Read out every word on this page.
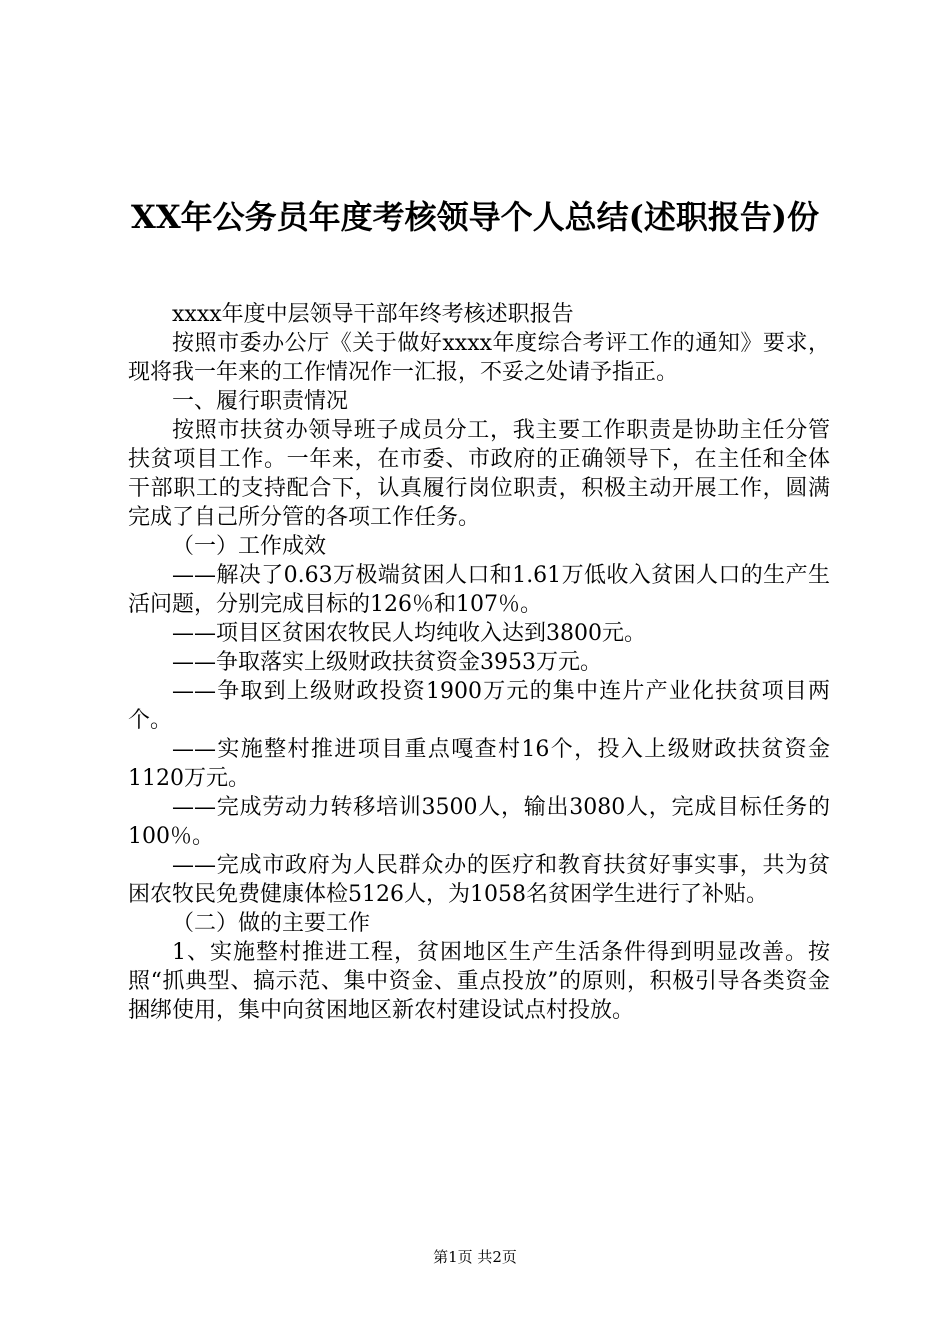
XX年公务员年度考核领导个人总结(述职报告)份

xxxx年度中层领导干部年终考核述职报告

按照市委办公厅《关于做好xxxx年度综合考评工作的通知》要求，现将我一年来的工作情况作一汇报，不妥之处请予指正。

一、履行职责情况

按照市扶贫办领导班子成员分工，我主要工作职责是协助主任分管扶贫项目工作。一年来，在市委、市政府的正确领导下，在主任和全体干部职工的支持配合下，认真履行岗位职责，积极主动开展工作，圆满完成了自己所分管的各项工作任务。

（一）工作成效

——解决了0.63万极端贫困人口和1.61万低收入贫困人口的生产生活问题，分别完成目标的126％和107％。

——项目区贫困农牧民人均纯收入达到3800元。

——争取落实上级财政扶贫资金3953万元。

——争取到上级财政投资1900万元的集中连片产业化扶贫项目两个。

——实施整村推进项目重点嘎查村16个，投入上级财政扶贫资金1120万元。

——完成劳动力转移培训3500人，输出3080人，完成目标任务的100％。

——完成市政府为人民群众办的医疗和教育扶贫好事实事，共为贫困农牧民免费健康体检5126人，为1058名贫困学生进行了补贴。

（二）做的主要工作

1、实施整村推进工程，贫困地区生产生活条件得到明显改善。按照“抓典型、搞示范、集中资金、重点投放”的原则，积极引导各类资金捆绑使用，集中向贫困地区新农村建设试点村投放。

第1页 共2页
